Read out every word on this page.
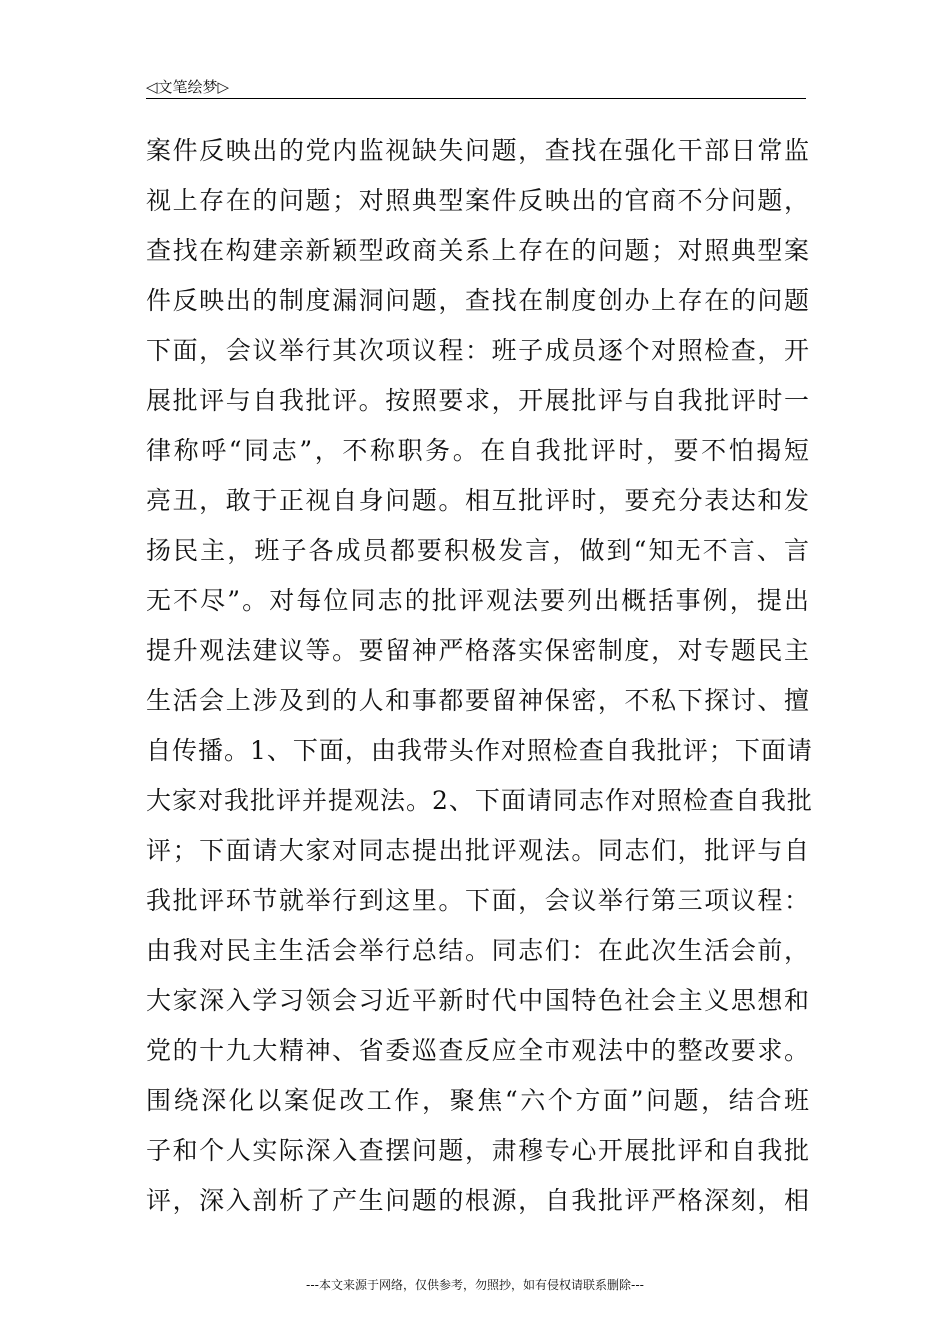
◁文笔绘梦▷
案件反映出的党内监视缺失问题，查找在强化干部日常监
视上存在的问题；对照典型案件反映出的官商不分问题，
查找在构建亲新颖型政商关系上存在的问题；对照典型案
件反映出的制度漏洞问题，查找在制度创办上存在的问题
下面，会议举行其次项议程：班子成员逐个对照检查，开
展批评与自我批评。按照要求，开展批评与自我批评时一
律称呼“同志”，不称职务。在自我批评时，要不怕揭短
亮丑，敢于正视自身问题。相互批评时，要充分表达和发
扬民主，班子各成员都要积极发言，做到“知无不言、言
无不尽”。对每位同志的批评观法要列出概括事例，提出
提升观法建议等。要留神严格落实保密制度，对专题民主
生活会上涉及到的人和事都要留神保密，不私下探讨、擅
自传播。1、下面，由我带头作对照检查自我批评；下面请
大家对我批评并提观法。2、下面请同志作对照检查自我批
评；下面请大家对同志提出批评观法。同志们，批评与自
我批评环节就举行到这里。下面，会议举行第三项议程：
由我对民主生活会举行总结。同志们：在此次生活会前，
大家深入学习领会习近平新时代中国特色社会主义思想和
党的十九大精神、省委巡查反应全市观法中的整改要求。
围绕深化以案促改工作，聚焦“六个方面”问题，结合班
子和个人实际深入查摆问题，肃穆专心开展批评和自我批
评，深入剖析了产生问题的根源，自我批评严格深刻，相
---本文来源于网络，仅供参考，勿照抄，如有侵权请联系删除---
